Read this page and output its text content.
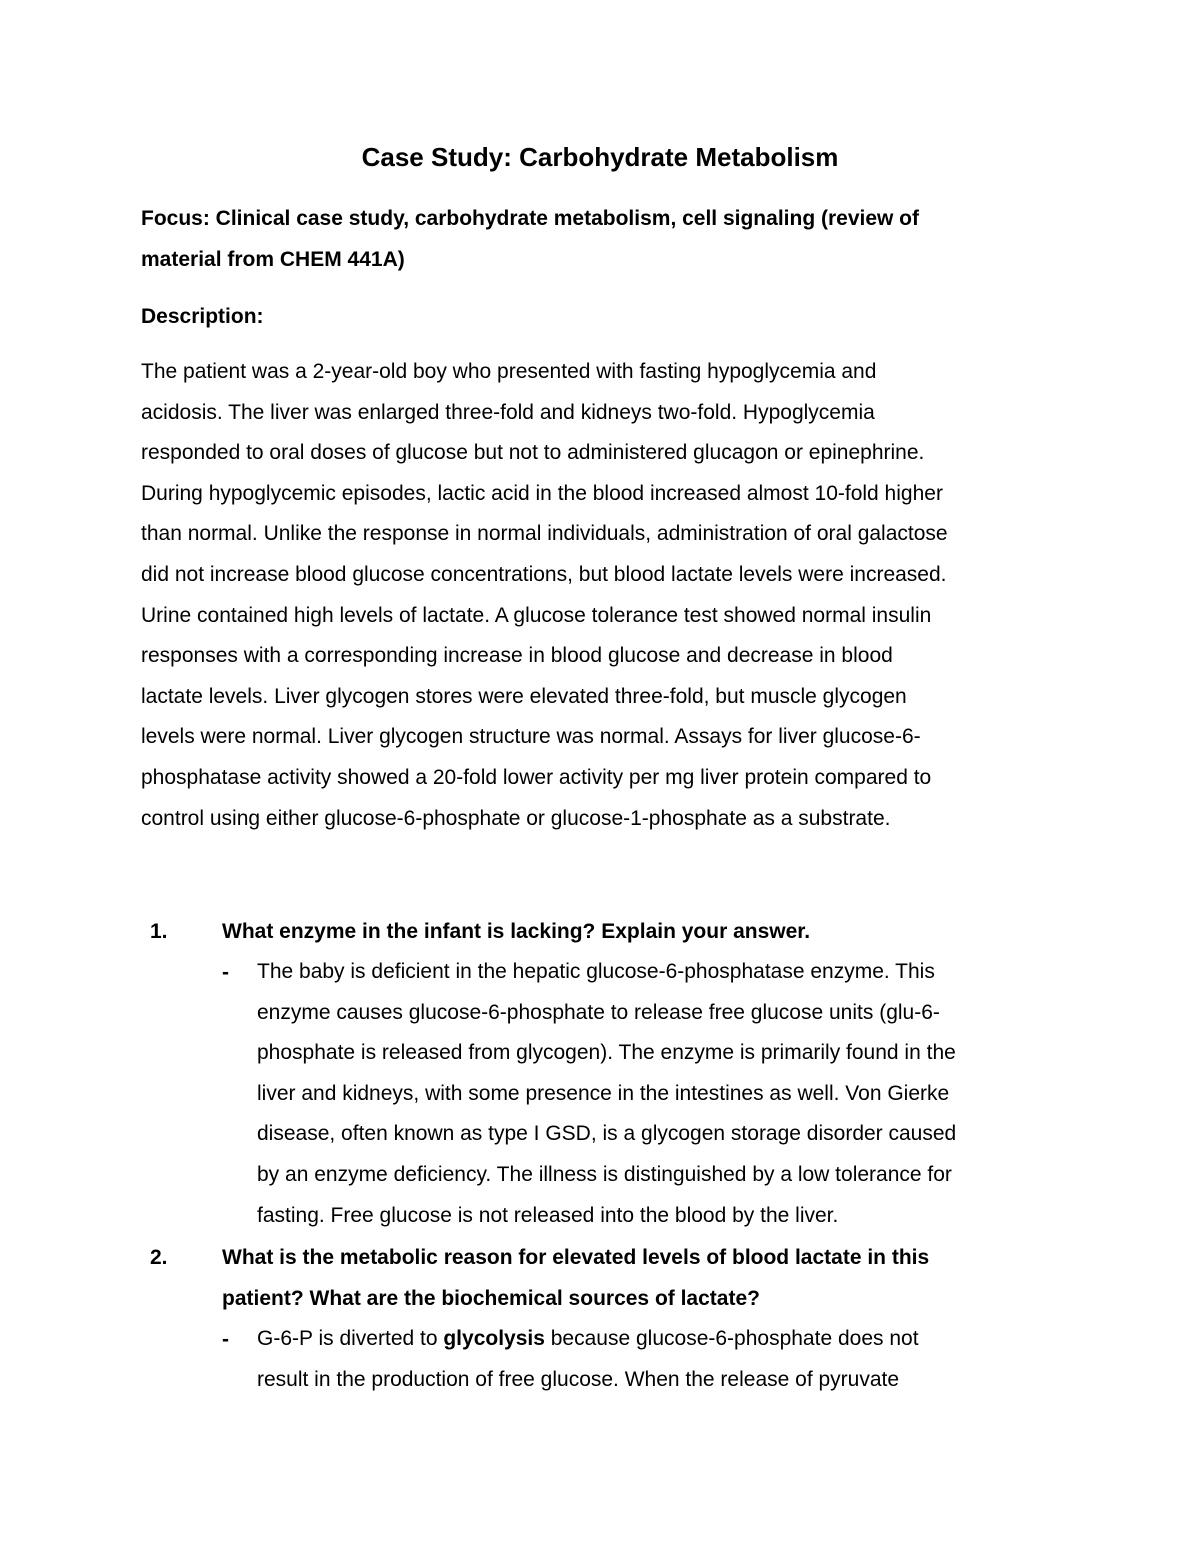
Case Study: Carbohydrate Metabolism
Focus: Clinical case study, carbohydrate metabolism, cell signaling (review of
material from CHEM 441A)
Description:
The patient was a 2-year-old boy who presented with fasting hypoglycemia and
acidosis. The liver was enlarged three-fold and kidneys two-fold. Hypoglycemia
responded to oral doses of glucose but not to administered glucagon or epinephrine.
During hypoglycemic episodes, lactic acid in the blood increased almost 10-fold higher
than normal. Unlike the response in normal individuals, administration of oral galactose
did not increase blood glucose concentrations, but blood lactate levels were increased.
Urine contained high levels of lactate. A glucose tolerance test showed normal insulin
responses with a corresponding increase in blood glucose and decrease in blood
lactate levels. Liver glycogen stores were elevated three-fold, but muscle glycogen
levels were normal. Liver glycogen structure was normal. Assays for liver glucose-6-
phosphatase activity showed a 20-fold lower activity per mg liver protein compared to
control using either glucose-6-phosphate or glucose-1-phosphate as a substrate.
1.	What enzyme in the infant is lacking? Explain your answer.
- The baby is deficient in the hepatic glucose-6-phosphatase enzyme. This
enzyme causes glucose-6-phosphate to release free glucose units (glu-6-
phosphate is released from glycogen). The enzyme is primarily found in the
liver and kidneys, with some presence in the intestines as well. Von Gierke
disease, often known as type I GSD, is a glycogen storage disorder caused
by an enzyme deficiency. The illness is distinguished by a low tolerance for
fasting. Free glucose is not released into the blood by the liver.
2.	What is the metabolic reason for elevated levels of blood lactate in this
patient? What are the biochemical sources of lactate?
- G-6-P is diverted to glycolysis because glucose-6-phosphate does not
result in the production of free glucose. When the release of pyruvate
